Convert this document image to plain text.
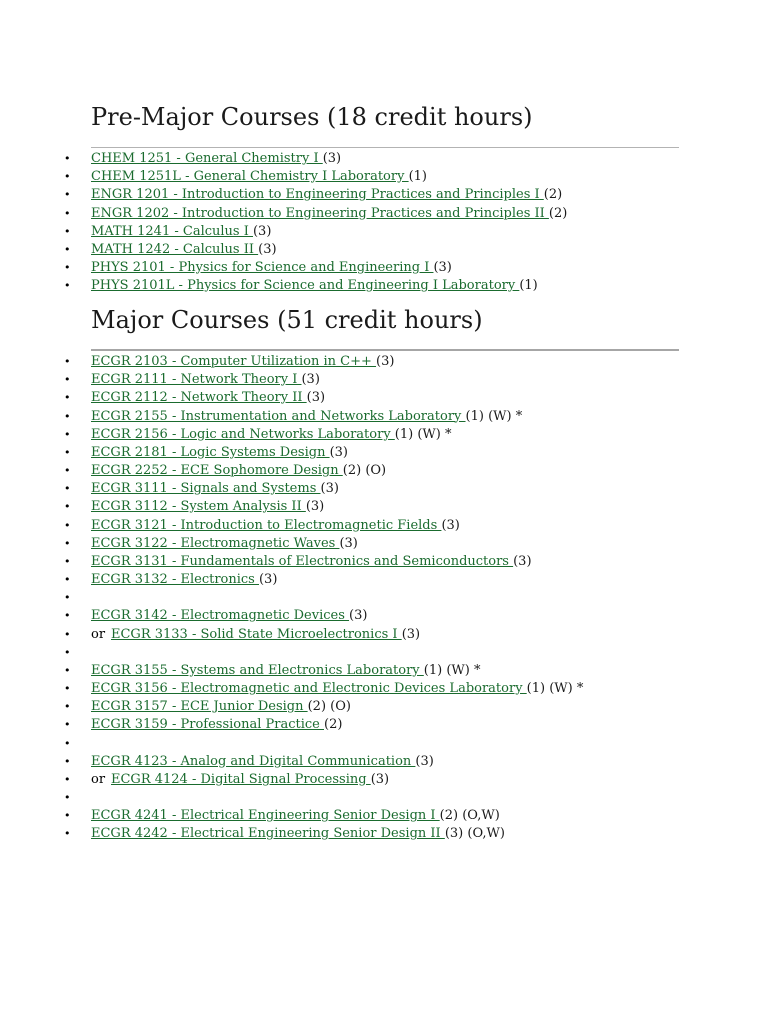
Pre-Major Courses (18 credit hours)
• CHEM 1251 - General Chemistry I (3)
• CHEM 1251L - General Chemistry I Laboratory (1)
• ENGR 1201 - Introduction to Engineering Practices and Principles I (2)
• ENGR 1202 - Introduction to Engineering Practices and Principles II (2)
• MATH 1241 - Calculus I (3)
• MATH 1242 - Calculus II (3)
• PHYS 2101 - Physics for Science and Engineering I (3)
• PHYS 2101L - Physics for Science and Engineering I Laboratory (1)
Major Courses (51 credit hours)
• ECGR 2103 - Computer Utilization in C++ (3)
• ECGR 2111 - Network Theory I (3)
• ECGR 2112 - Network Theory II (3)
• ECGR 2155 - Instrumentation and Networks Laboratory (1) (W) *
• ECGR 2156 - Logic and Networks Laboratory (1) (W) *
• ECGR 2181 - Logic Systems Design (3)
• ECGR 2252 - ECE Sophomore Design (2) (O)
• ECGR 3111 - Signals and Systems (3)
• ECGR 3112 - System Analysis II (3)
• ECGR 3121 - Introduction to Electromagnetic Fields (3)
• ECGR 3122 - Electromagnetic Waves (3)
• ECGR 3131 - Fundamentals of Electronics and Semiconductors (3)
• ECGR 3132 - Electronics (3)
•
• ECGR 3142 - Electromagnetic Devices (3)
• or ECGR 3133 - Solid State Microelectronics I (3)
•
• ECGR 3155 - Systems and Electronics Laboratory (1) (W) *
• ECGR 3156 - Electromagnetic and Electronic Devices Laboratory (1) (W) *
• ECGR 3157 - ECE Junior Design (2) (O)
• ECGR 3159 - Professional Practice (2)
•
• ECGR 4123 - Analog and Digital Communication (3)
• or ECGR 4124 - Digital Signal Processing (3)
•
• ECGR 4241 - Electrical Engineering Senior Design I (2) (O,W)
• ECGR 4242 - Electrical Engineering Senior Design II (3) (O,W)
